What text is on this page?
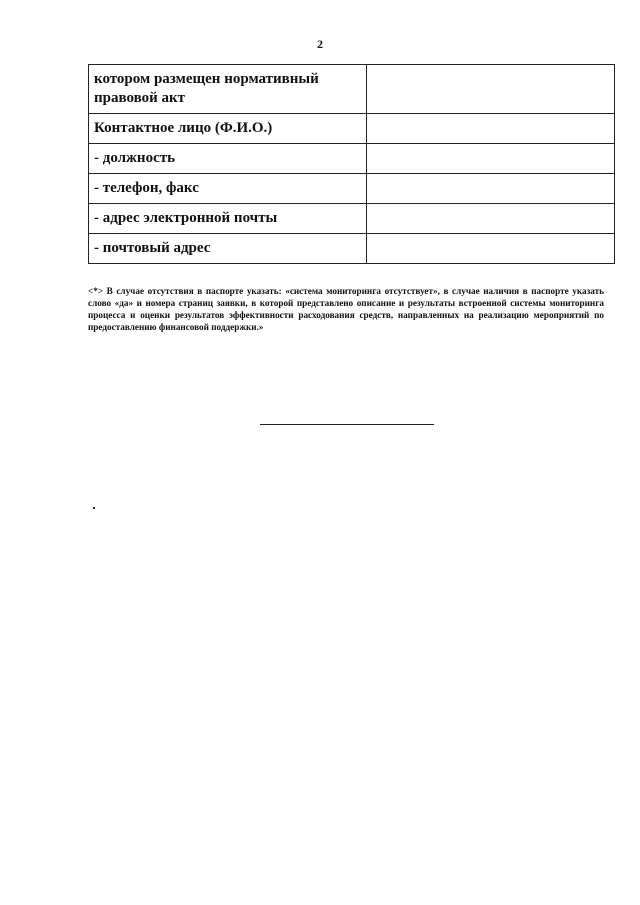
2
котором размещен нормативный правовой акт	
Контактное лицо (Ф.И.О.)	
- должность	
- телефон, факс	
- адрес электронной почты	
- почтовый адрес	
<*> В случае отсутствия в паспорте указать: «система мониторинга отсутствует», в случае наличия в паспорте указать слово «да» и номера страниц заявки, в которой представлено описание и результаты встроенной системы мониторинга процесса и оценки результатов эффективности расходования средств, направленных на реализацию мероприятий по предоставлению финансовой поддержки.»
